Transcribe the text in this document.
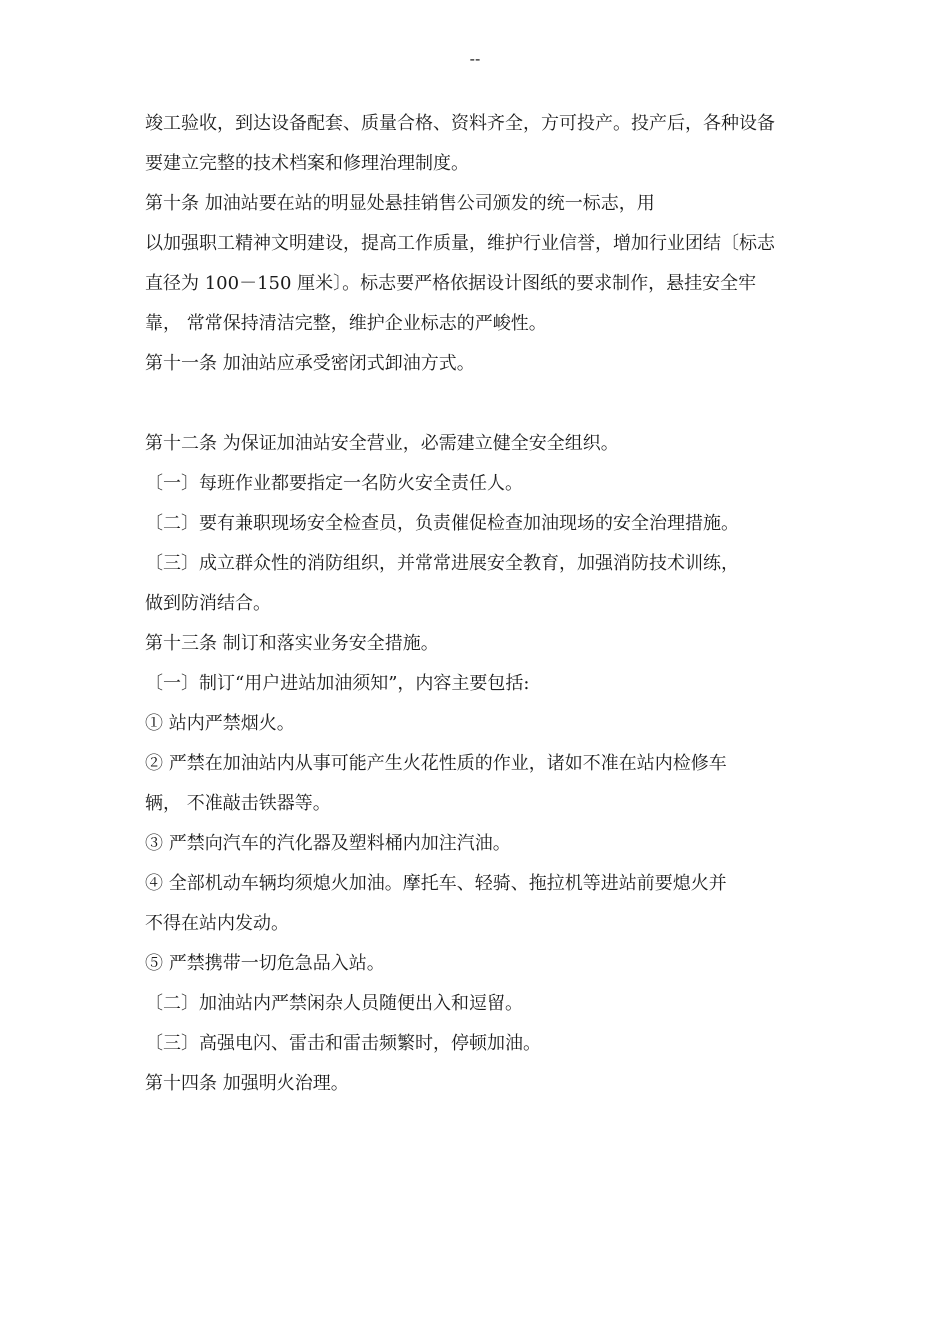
--
竣工验收，到达设备配套、质量合格、资料齐全，方可投产。投产后，各种设备
要建立完整的技术档案和修理治理制度。
第十条 加油站要在站的明显处悬挂销售公司颁发的统一标志，用
以加强职工精神文明建设，提高工作质量，维护行业信誉，增加行业团结〔标志
直径为 100－150 厘米〕。标志要严格依据设计图纸的要求制作，悬挂安全牢
靠， 常常保持清洁完整，维护企业标志的严峻性。
第十一条 加油站应承受密闭式卸油方式。
第十二条 为保证加油站安全营业，必需建立健全安全组织。
〔一〕每班作业都要指定一名防火安全责任人。
〔二〕要有兼职现场安全检查员，负责催促检查加油现场的安全治理措施。
〔三〕成立群众性的消防组织，并常常进展安全教育，加强消防技术训练，
做到防消结合。
第十三条 制订和落实业务安全措施。
〔一〕制订“用户进站加油须知”，内容主要包括:
① 站内严禁烟火。
② 严禁在加油站内从事可能产生火花性质的作业，诸如不准在站内检修车
辆， 不准敲击铁器等。
③ 严禁向汽车的汽化器及塑料桶内加注汽油。
④ 全部机动车辆均须熄火加油。摩托车、轻骑、拖拉机等进站前要熄火并
不得在站内发动。
⑤ 严禁携带一切危急品入站。
〔二〕加油站内严禁闲杂人员随便出入和逗留。
〔三〕高强电闪、雷击和雷击频繁时，停顿加油。
第十四条 加强明火治理。
